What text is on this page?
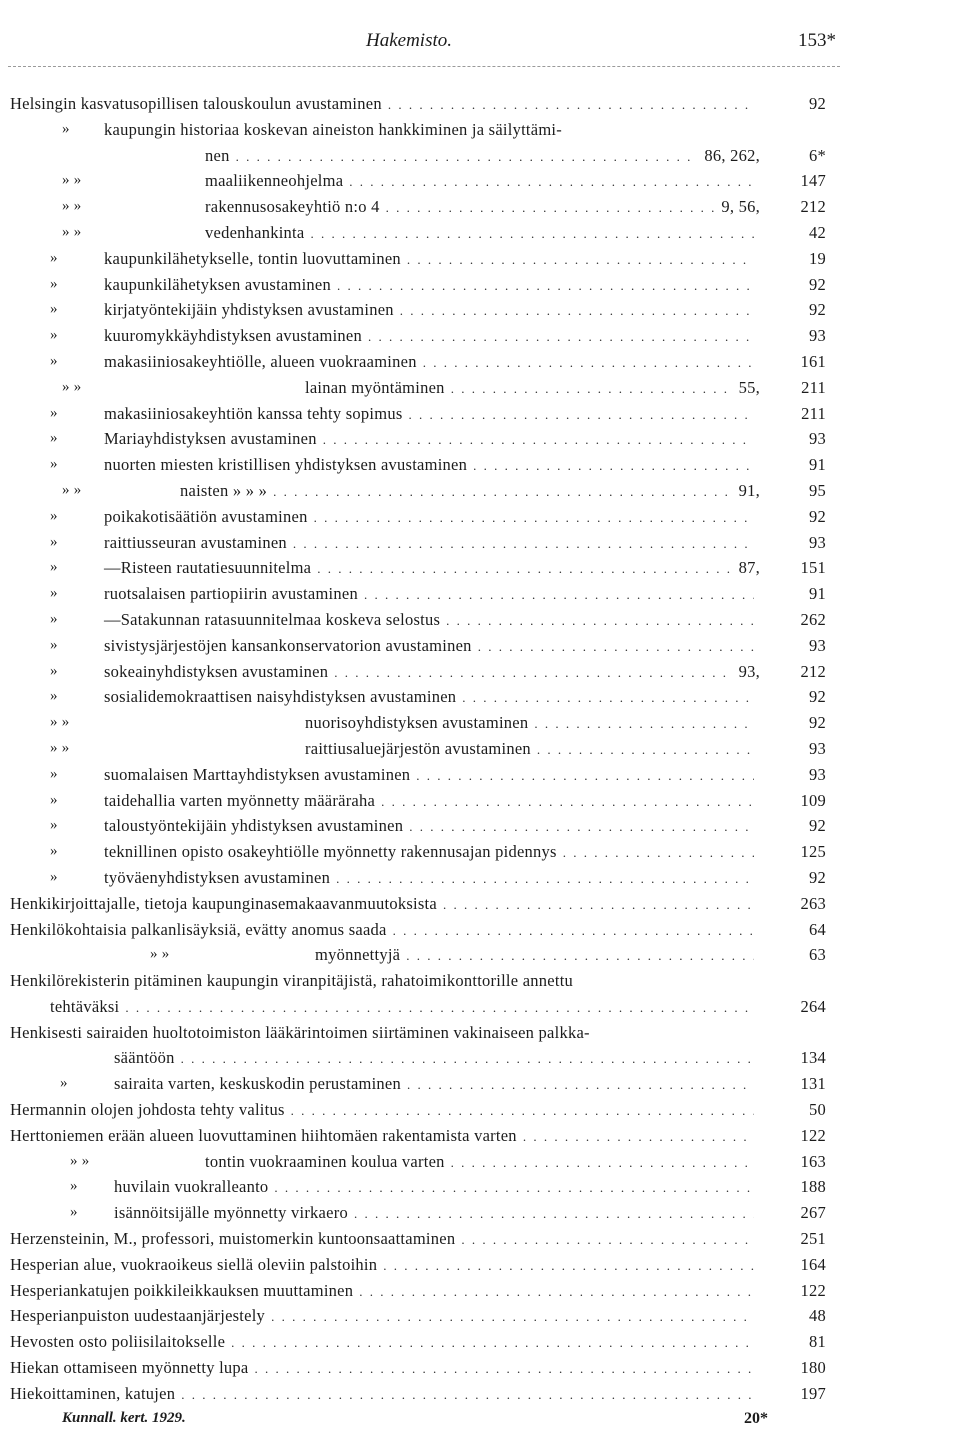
Hakemisto.	153*
Helsingin kasvatusopillisen talouskoulun avustaminen . . .	92
» kaupungin historiaa koskevan aineiston hankkiminen ja säilyttämi-
nen . . .	86, 262,	6*
» »	maaliikenneohjelma . . .	147
» »	rakennusosakeyhtiö n:o 4 . . .	9, 56,	212
» »	vedenhankinta . . .	42
»	kaupunkilähetykselle, tontin luovuttaminen . . .	19
»	kaupunkilähetyksen avustaminen . . .	92
»	kirjatyöntekijäin yhdistyksen avustaminen . . .	92
»	kuuromykkäyhdistyksen avustaminen . . .	93
»	makasiiniosakeyhtiölle, alueen vuokraaminen . . .	161
» »	lainan myöntäminen . . .	55,	211
»	makasiiniosakeyhtiön kanssa tehty sopimus . . .	211
»	Mariayhdistyksen avustaminen . . .	93
»	nuorten miesten kristillisen yhdistyksen avustaminen . . .	91
» »	naisten » » » . . .	91,	95
»	poikakotisäätiön avustaminen . . .	92
»	raittiusseuran avustaminen . . .	93
»	—Risteen rautatiesuunnitelma . . .	87,	151
»	ruotsalaisen partiopiirin avustaminen . . .	91
»	—Satakunnan ratasuunnitelmaa koskeva selostus . . .	262
»	sivistysjärjestöjen kansankonservatorion avustaminen . . .	93
»	sokeainyhdistyksen avustaminen . . .	93,	212
»	sosialidemokraattisen naisyhdistyksen avustaminen . . .	92
» »	nuorisoyhdistyksen avustaminen . . .	92
» »	raittiusaluejärjestön avustaminen . . .	93
»	suomalaisen Marttayhdistyksen avustaminen . . .	93
»	taidehallia varten myönnetty määräraha . . .	109
»	taloustyöntekijäin yhdistyksen avustaminen . . .	92
»	teknillinen opisto osakeyhtiölle myönnetty rakennusajan pidennys . . .	125
»	työväenyhdistyksen avustaminen . . .	92
Henkikirjoittajalle, tietoja kaupunginasemakaavanmuutoksista . . .	263
Henkilökohtaisia palkanlisäyksiä, evätty anomus saada . . .	64
» »	myönnettyjä . . .	63
Henkilörekisterin pitäminen kaupungin viranpitäjistä, rahatoimikonttorille annettu
tehtäväksi . . .	264
Henkisesti sairaiden huoltotoimiston lääkärintoimen siirtäminen vakinaiseen palkka-
sääntöön . . .	134
»	sairaita varten, keskuskodin perustaminen . . .	131
Hermannin olojen johdosta tehty valitus . . .	50
Herttoniemen erään alueen luovuttaminen hiihtomäen rakentamista varten . . .	122
» »	tontin vuokraaminen koulua varten . . .	163
» huvilain vuokralleanto . . .	188
» isännöitsijälle myönnetty virkaero . . .	267
Herzensteinin, M., professori, muistomerkin kuntoonsaattaminen . . .	251
Hesperian alue, vuokraoikeus siellä oleviin palstoihin . . .	164
Hesperiankatujen poikkileikkauksen muuttaminen . . .	122
Hesperianpuiston uudestaanjärjestely . . .	48
Hevosten osto poliisilaitokselle . . .	81
Hiekan ottamiseen myönnetty lupa . . .	180
Hiekoittaminen, katujen . . .	197
Kunnall. kert. 1929.	20*
